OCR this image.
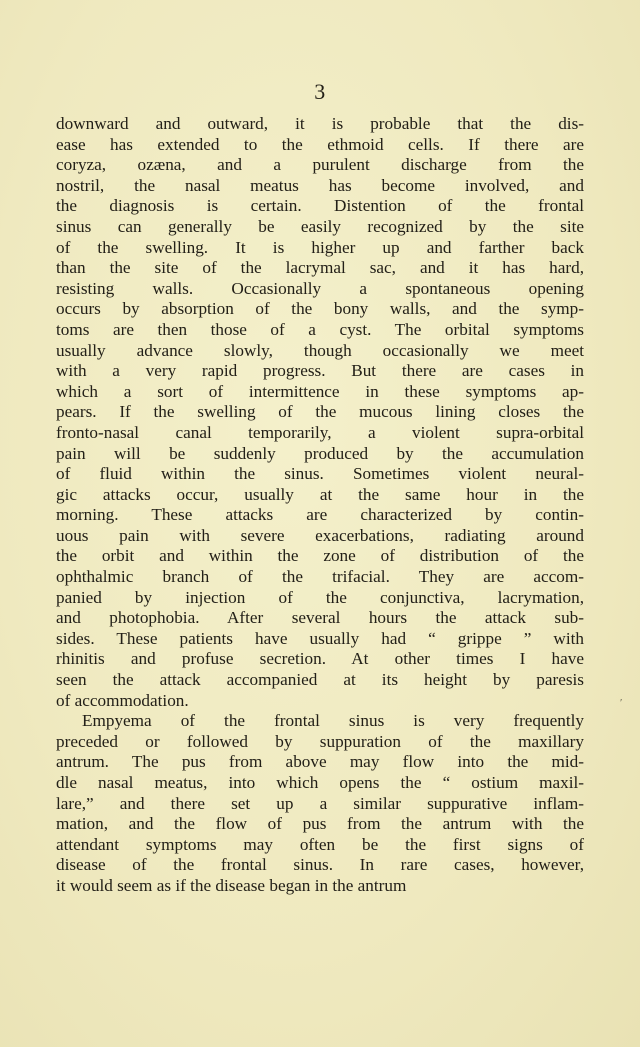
3
downward and outward, it is probable that the dis-
ease has extended to the ethmoid cells. If there are
coryza, ozæna, and a purulent discharge from the
nostril, the nasal meatus has become involved, and
the diagnosis is certain. Distention of the frontal
sinus can generally be easily recognized by the site
of the swelling. It is higher up and farther back
than the site of the lacrymal sac, and it has hard,
resisting walls. Occasionally a spontaneous opening
occurs by absorption of the bony walls, and the symp-
toms are then those of a cyst. The orbital symptoms
usually advance slowly, though occasionally we meet
with a very rapid progress. But there are cases in
which a sort of intermittence in these symptoms ap-
pears. If the swelling of the mucous lining closes the
fronto-nasal canal temporarily, a violent supra-orbital
pain will be suddenly produced by the accumulation
of fluid within the sinus. Sometimes violent neural-
gic attacks occur, usually at the same hour in the
morning. These attacks are characterized by contin-
uous pain with severe exacerbations, radiating around
the orbit and within the zone of distribution of the
ophthalmic branch of the trifacial. They are accom-
panied by injection of the conjunctiva, lacrymation,
and photophobia. After several hours the attack sub-
sides. These patients have usually had “ grippe ” with
rhinitis and profuse secretion. At other times I have
seen the attack accompanied at its height by paresis
of accommodation.
Empyema of the frontal sinus is very frequently
preceded or followed by suppuration of the maxillary
antrum. The pus from above may flow into the mid-
dle nasal meatus, into which opens the “ ostium maxil-
lare,” and there set up a similar suppurative inflam-
mation, and the flow of pus from the antrum with the
attendant symptoms may often be the first signs of
disease of the frontal sinus. In rare cases, however,
it would seem as if the disease began in the antrum
ʹ
